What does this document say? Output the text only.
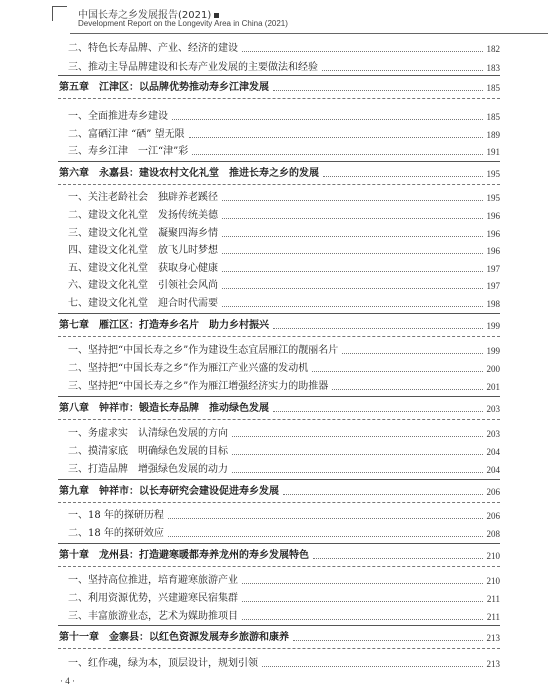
中国长寿之乡发展报告(2021)
Development Report on the Longevity Area in China (2021)
二、特色长寿品牌、产业、经济的建设	182
三、推动主导品牌建设和长寿产业发展的主要做法和经验	183
第五章　江津区：以品牌优势推动寿乡江津发展	185
一、全面推进寿乡建设	185
二、富硒江津 “硒” 望无限	189
三、寿乡江津　一江“津”彩	191
第六章　永嘉县：建设农村文化礼堂　推进长寿之乡的发展	195
一、关注老龄社会　独辟养老蹊径	195
二、建设文化礼堂　发扬传统美德	196
三、建设文化礼堂　凝聚四海乡情	196
四、建设文化礼堂　放飞儿时梦想	196
五、建设文化礼堂　获取身心健康	197
六、建设文化礼堂　引领社会风尚	197
七、建设文化礼堂　迎合时代需要	198
第七章　雁江区：打造寿乡名片　助力乡村振兴	199
一、坚持把“中国长寿之乡”作为建设生态宜居雁江的靓丽名片	199
二、坚持把“中国长寿之乡”作为雁江产业兴盛的发动机	200
三、坚持把“中国长寿之乡”作为雁江增强经济实力的助推器	201
第八章　钟祥市：锻造长寿品牌　推动绿色发展	203
一、务虚求实　认清绿色发展的方向	203
二、摸清家底　明确绿色发展的目标	204
三、打造品牌　增强绿色发展的动力	204
第九章　钟祥市：以长寿研究会建设促进寿乡发展	206
一、18 年的探研历程	206
二、18 年的探研效应	208
第十章　龙州县：打造避寒暖都寿养龙州的寿乡发展特色	210
一、坚持高位推进，培育避寒旅游产业	210
二、利用资源优势，兴建避寒民宿集群	211
三、丰富旅游业态，艺术为媒助推项目	211
第十一章　金寨县：以红色资源发展寿乡旅游和康养	213
一、红作魂，绿为本，顶层设计，规划引领	213
· 4 ·
